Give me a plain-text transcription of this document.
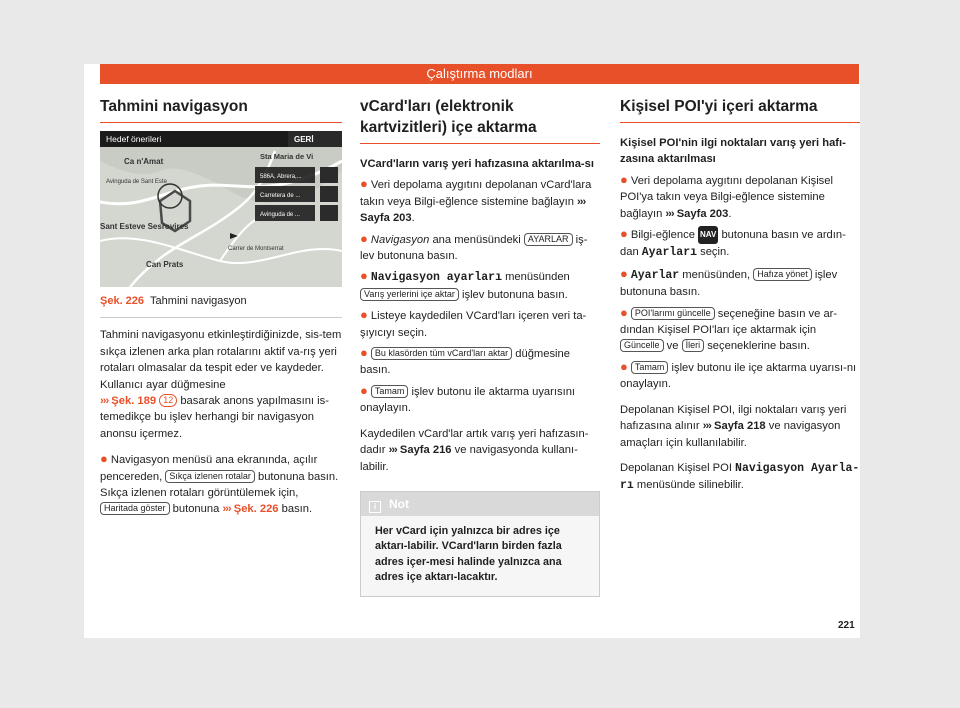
Çalıştırma modları
Tahmini navigasyon
Hedef önerileri	GERİ
586A, Abrera,...
Carretera de ...
Avinguda de ...
Ca n'Amat
Sta Maria de Vi
Avinguda de Sant Este
Sant Esteve Sesrovires
Can Prats
Carrer de Montserrat
Şek. 226 Tahmini navigasyon

Tahmini navigasyonu etkinleştirdiğinizde, sis-tem sıkça izlenen arka plan rotalarını aktif va-rış yeri rotaları olmasalar da tespit eder ve kaydeder. Kullanıcı ayar düğmesine
››› Şek. 189 12 basarak anons yapılmasını is-temedikçe bu işlev herhangi bir navigasyon anonsu içermez.

● Navigasyon menüsü ana ekranında, açılır pencereden, Sıkça izlenen rotalar butonuna basın. Sıkça izlenen rotaları görüntülemek için, Haritada göster butonuna ››› Şek. 226 basın.

vCard'ları (elektronik kartvizitleri) içe aktarma

VCard'ların varış yeri hafızasına aktarılma-sı

● Veri depolama aygıtını depolanan vCard'lara takın veya Bilgi-eğlence sistemine bağlayın ››› Sayfa 203.

● Navigasyon ana menüsündeki AYARLAR iş-lev butonuna basın.

● Navigasyon ayarları menüsünden Varış yerlerini içe aktar işlev butonuna basın.

● Listeye kaydedilen VCard'ları içeren veri ta-şıyıcıyı seçin.

● Bu klasörden tüm vCard'ları aktar düğmesine basın.

● Tamam işlev butonu ile aktarma uyarısını onaylayın.

Kaydedilen vCard'lar artık varış yeri hafızasın-dadır ››› Sayfa 216 ve navigasyonda kullanı-labilir.

i Not
Her vCard için yalnızca bir adres içe aktarı-labilir. VCard'ların birden fazla adres içer-mesi halinde yalnızca ana adres içe aktarı-lacaktır.
Kişisel POI'yi içeri aktarma

Kişisel POI'nin ilgi noktaları varış yeri hafı-zasına aktarılması

● Veri depolama aygıtını depolanan Kişisel POI'ya takın veya Bilgi-eğlence sistemine bağlayın ››› Sayfa 203.

● Bilgi-eğlence NAV butonuna basın ve ardın-dan Ayarları seçin.

● Ayarlar menüsünden, Hafıza yönet işlev butonuna basın.

● POI'larımı güncelle seçeneğine basın ve ar-dından Kişisel POI'ları içe aktarmak için Güncelle ve İleri seçeneklerine basın.

● Tamam işlev butonu ile içe aktarma uyarısı-nı onaylayın.

Depolanan Kişisel POI, ilgi noktaları varış yeri hafızasına alınır ››› Sayfa 218 ve navigasyon amaçları için kullanılabilir.

Depolanan Kişisel POI Navigasyon Ayarla-rı menüsünde silinebilir.

221
